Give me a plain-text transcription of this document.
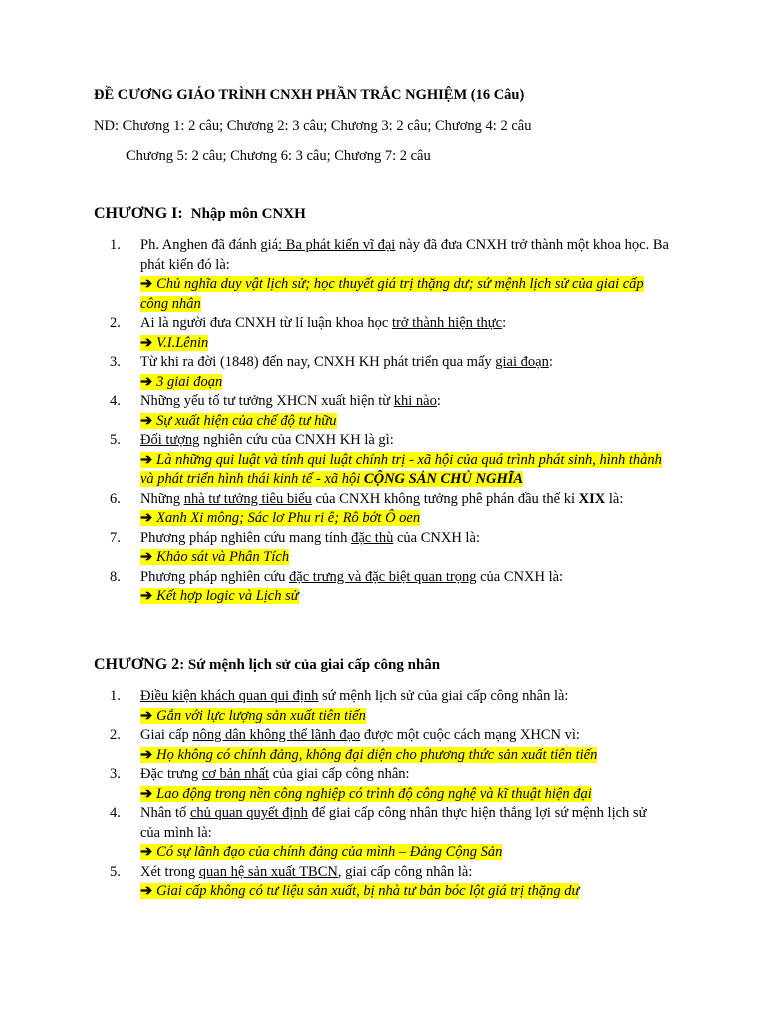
ĐỀ CƯƠNG GIÁO TRÌNH CNXH PHẦN TRẮC NGHIỆM (16 Câu)
ND: Chương 1: 2 câu; Chương 2: 3 câu; Chương 3: 2 câu; Chương 4: 2 câu
Chương 5: 2 câu; Chương 6: 3 câu; Chương 7: 2 câu
CHƯƠNG I: Nhập môn CNXH
1. Ph. Anghen đã đánh giá: Ba phát kiến vĩ đại này đã đưa CNXH trở thành một khoa học. Ba phát kiến đó là:
➔ Chủ nghĩa duy vật lịch sử; học thuyết giá trị thặng dư; sứ mệnh lịch sử của giai cấp công nhân
2. Ai là người đưa CNXH từ lí luận khoa học trở thành hiện thực:
➔ V.I.Lênin
3. Từ khi ra đời (1848) đến nay, CNXH KH phát triển qua mấy giai đoạn:
➔ 3 giai đoạn
4. Những yếu tố tư tưởng XHCN xuất hiện từ khi nào:
➔ Sự xuất hiện của chế độ tư hữu
5. Đối tượng nghiên cứu của CNXH KH là gì:
➔ Là những qui luật và tính qui luật chính trị - xã hội của quá trình phát sinh, hình thành và phát triển hình thái kinh tế - xã hội CỘNG SẢN CHỦ NGHĨA
6. Những nhà tư tưởng tiêu biểu của CNXH không tưởng phê phán đầu thế kỉ XIX là:
➔ Xanh Xi mông; Sác lơ Phu ri ê; Rô bớt Ô oen
7. Phương pháp nghiên cứu mang tính đặc thù của CNXH là:
➔ Khảo sát và Phân Tích
8. Phương pháp nghiên cứu đặc trưng và đặc biệt quan trọng của CNXH là:
➔ Kết hợp logic và Lịch sử
CHƯƠNG 2: Sứ mệnh lịch sử của giai cấp công nhân
1. Điều kiện khách quan qui định sứ mệnh lịch sử của giai cấp công nhân là:
➔ Gắn với lực lượng sản xuất tiên tiến
2. Giai cấp nông dân không thể lãnh đạo được một cuộc cách mạng XHCN vì:
➔ Họ không có chính đảng, không đại diện cho phương thức sản xuất tiên tiến
3. Đặc trưng cơ bản nhất của giai cấp công nhân:
➔ Lao động trong nền công nghiệp có trình độ công nghệ và kĩ thuật hiện đại
4. Nhân tố chủ quan quyết định để giai cấp công nhân thực hiện thắng lợi sứ mệnh lịch sử của mình là:
➔ Có sự lãnh đạo của chính đảng của mình – Đảng Cộng Sản
5. Xét trong quan hệ sản xuất TBCN, giai cấp công nhân là:
➔ Giai cấp không có tư liệu sản xuất, bị nhà tư bản bóc lột giá trị thặng dư
